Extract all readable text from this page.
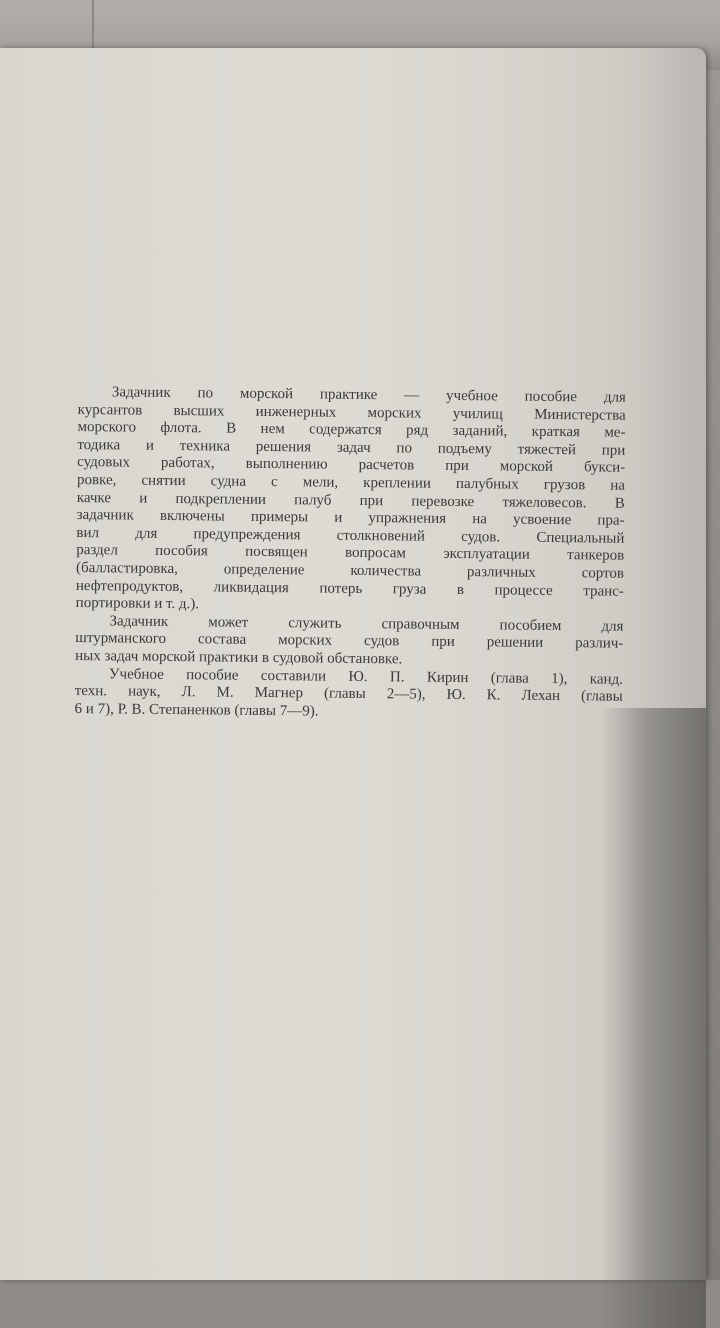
Задачник по морской практике — учебное пособие для
курсантов высших инженерных морских училищ Министерства
морского флота. В нем содержатся ряд заданий, краткая ме-
тодика и техника решения задач по подъему тяжестей при
судовых работах, выполнению расчетов при морской букси-
ровке, снятии судна с мели, креплении палубных грузов на
качке и подкреплении палуб при перевозке тяжеловесов. В
задачник включены примеры и упражнения на усвоение пра-
вил для предупреждения столкновений судов. Специальный
раздел пособия посвящен вопросам эксплуатации танкеров
(балластировка, определение количества различных сортов
нефтепродуктов, ликвидация потерь груза в процессе транс-
портировки и т. д.).

Задачник может служить справочным пособием для
штурманского состава морских судов при решении различ-
ных задач морской практики в судовой обстановке.

Учебное пособие составили Ю. П. Кирин (глава 1), канд.
техн. наук, Л. М. Магнер (главы 2—5), Ю. К. Лехан (главы
6 и 7), Р. В. Степаненков (главы 7—9).
